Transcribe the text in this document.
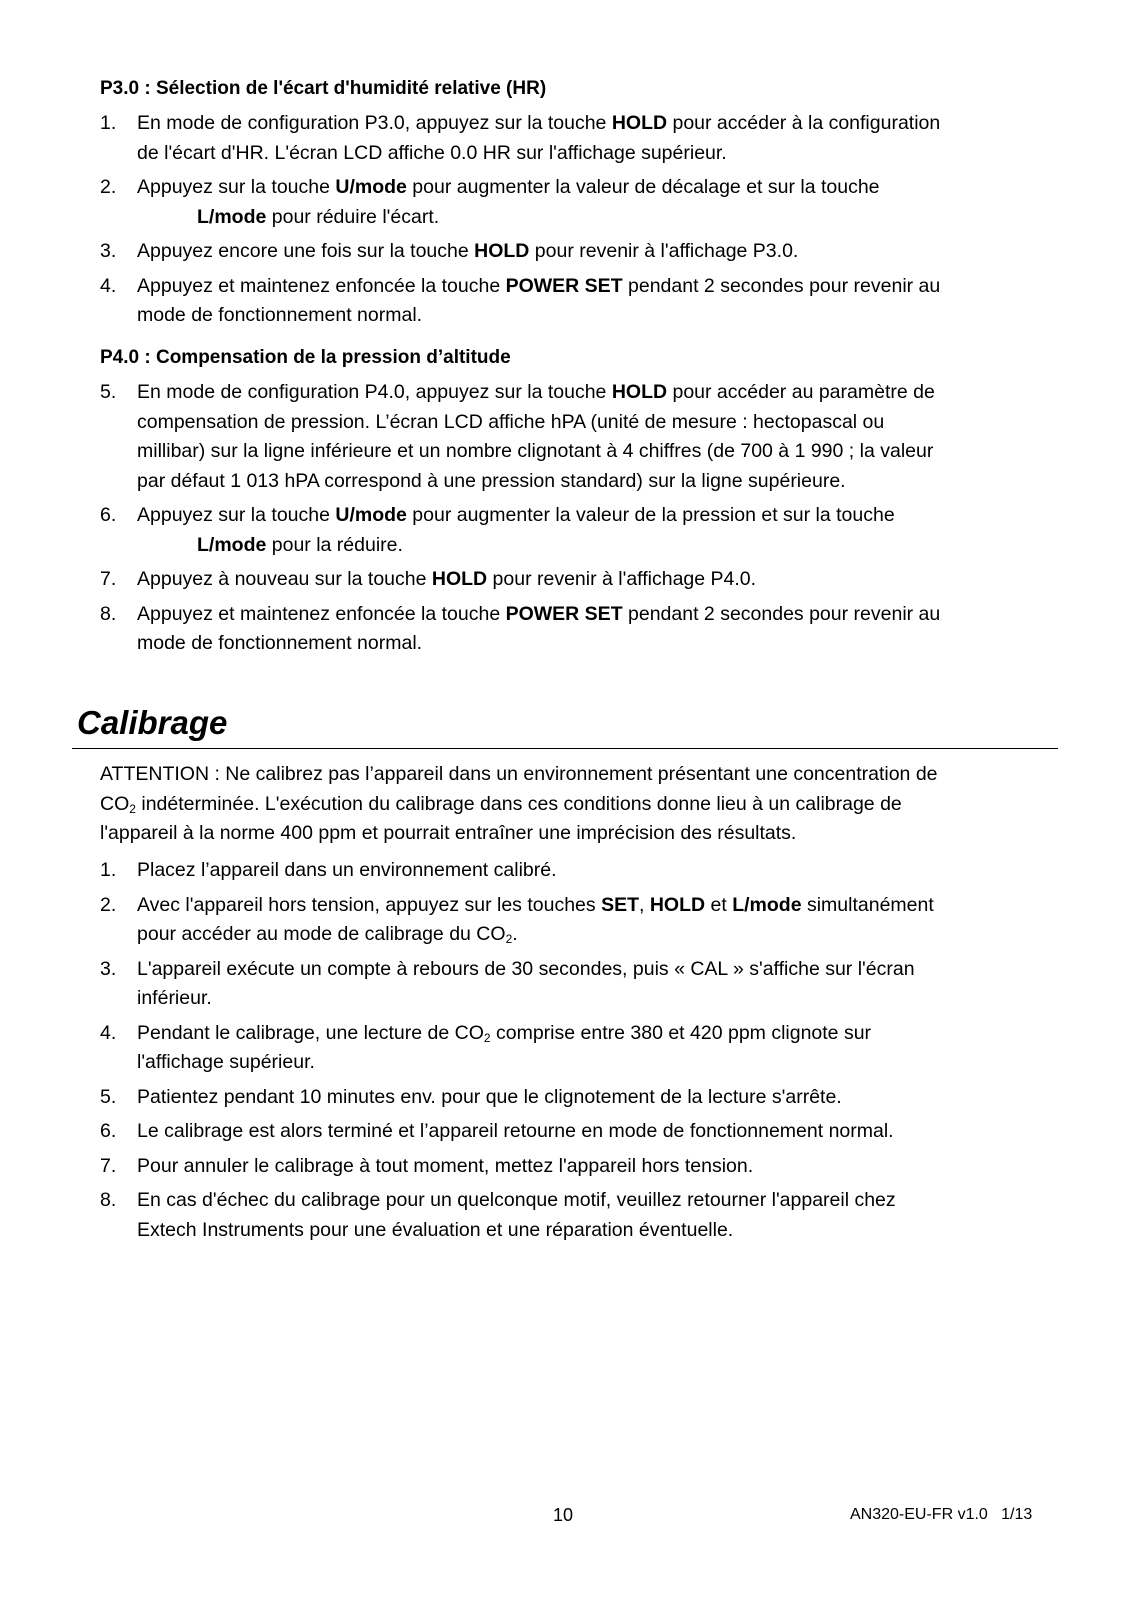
P3.0 : Sélection de l'écart d'humidité relative (HR)
1. En mode de configuration P3.0, appuyez sur la touche HOLD pour accéder à la configuration
de l'écart d'HR. L'écran LCD affiche 0.0 HR sur l'affichage supérieur.
2. Appuyez sur la touche U/mode pour augmenter la valeur de décalage et sur la touche
L/mode pour réduire l'écart.
3. Appuyez encore une fois sur la touche HOLD pour revenir à l'affichage P3.0.
4. Appuyez et maintenez enfoncée la touche POWER SET pendant 2 secondes pour revenir au
mode de fonctionnement normal.
P4.0 : Compensation de la pression d’altitude
5. En mode de configuration P4.0, appuyez sur la touche HOLD pour accéder au paramètre de
compensation de pression. L’écran LCD affiche hPA (unité de mesure : hectopascal ou
millibar) sur la ligne inférieure et un nombre clignotant à 4 chiffres (de 700 à 1 990 ; la valeur
par défaut 1 013 hPA correspond à une pression standard) sur la ligne supérieure.
6. Appuyez sur la touche U/mode pour augmenter la valeur de la pression et sur la touche
L/mode pour la réduire.
7. Appuyez à nouveau sur la touche HOLD pour revenir à l'affichage P4.0.
8. Appuyez et maintenez enfoncée la touche POWER SET pendant 2 secondes pour revenir au
mode de fonctionnement normal.
Calibrage
ATTENTION : Ne calibrez pas l’appareil dans un environnement présentant une concentration de
$CO_2$ indéterminée. L'exécution du calibrage dans ces conditions donne lieu à un calibrage de
l'appareil à la norme 400 ppm et pourrait entraîner une imprécision des résultats.
1. Placez l’appareil dans un environnement calibré.
2. Avec l'appareil hors tension, appuyez sur les touches SET, HOLD et L/mode simultanément
pour accéder au mode de calibrage du $CO_2$.
3. L'appareil exécute un compte à rebours de 30 secondes, puis « CAL » s'affiche sur l'écran
inférieur.
4. Pendant le calibrage, une lecture de $CO_2$ comprise entre 380 et 420 ppm clignote sur
l'affichage supérieur.
5. Patientez pendant 10 minutes env. pour que le clignotement de la lecture s'arrête.
6. Le calibrage est alors terminé et l’appareil retourne en mode de fonctionnement normal.
7. Pour annuler le calibrage à tout moment, mettez l'appareil hors tension.
8. En cas d'échec du calibrage pour un quelconque motif, veuillez retourner l'appareil chez
Extech Instruments pour une évaluation et une réparation éventuelle.
10	AN320-EU-FR v1.0   1/13
